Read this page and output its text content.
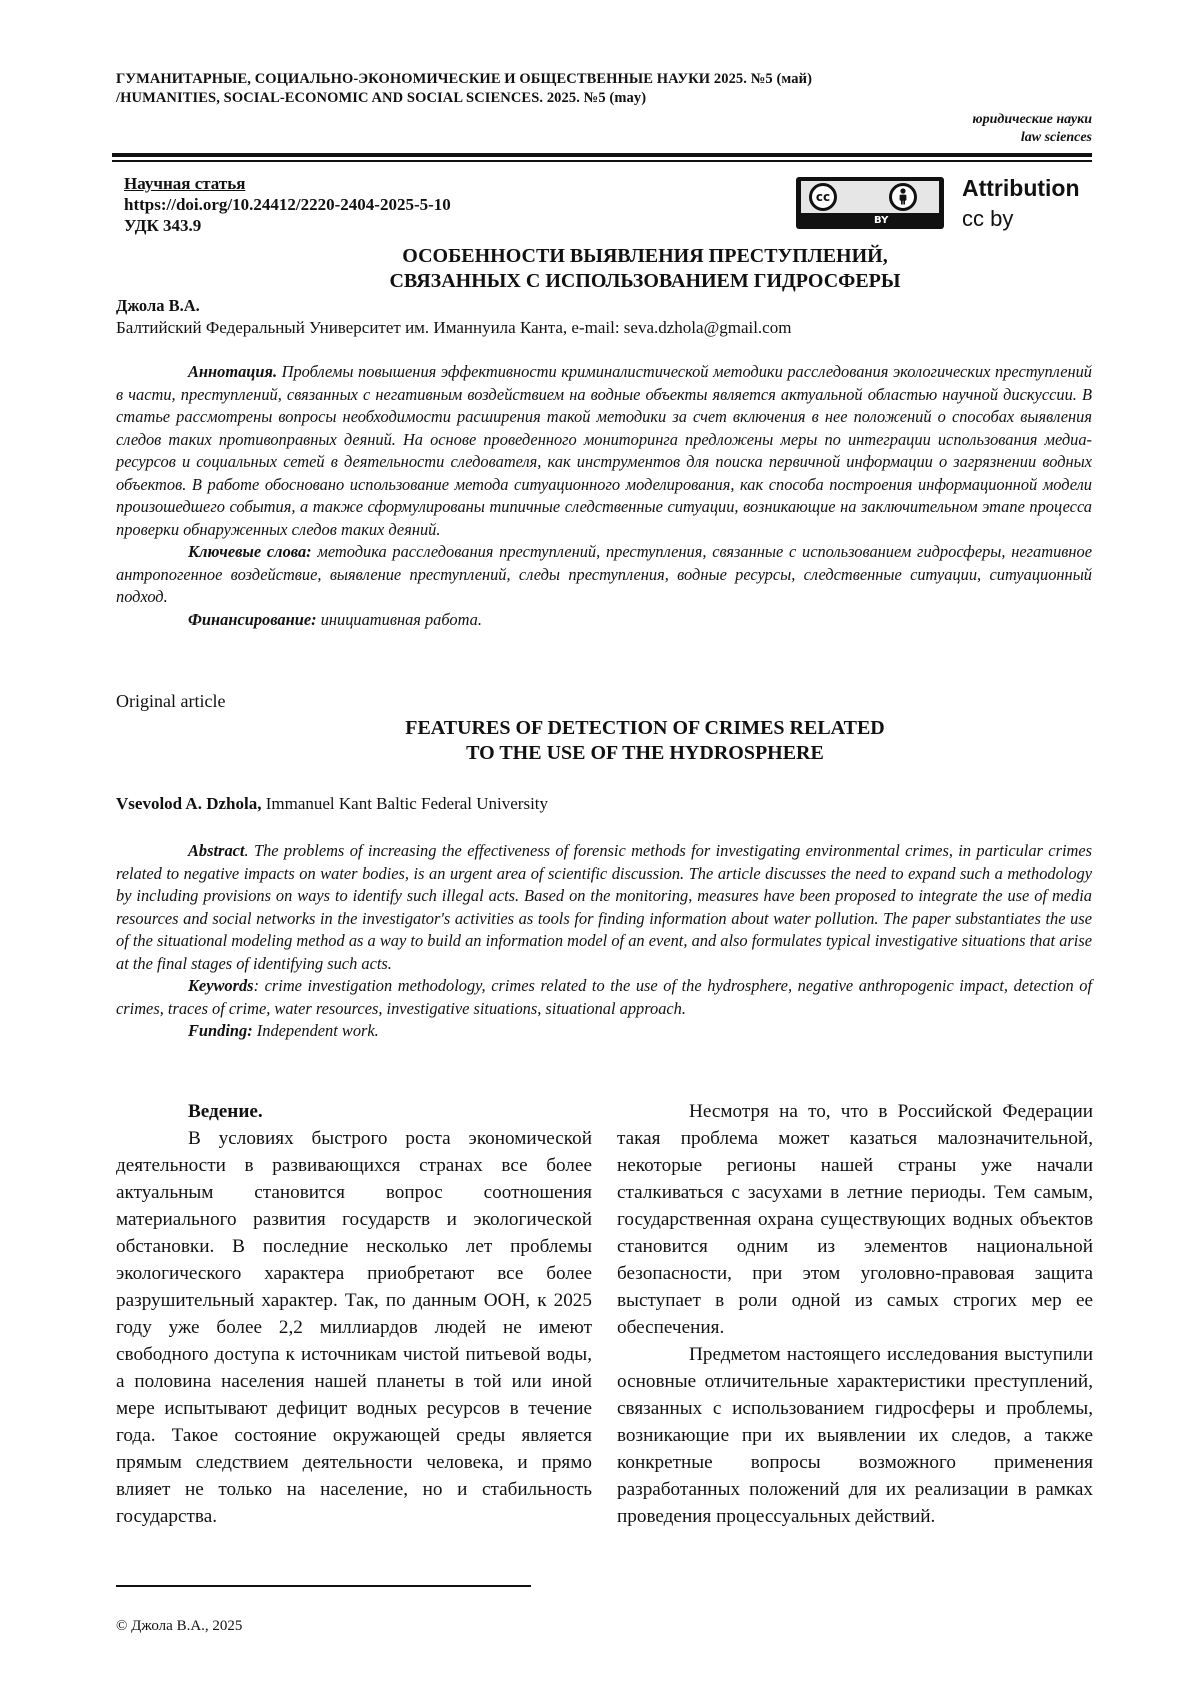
ГУМАНИТАРНЫЕ, СОЦИАЛЬНО-ЭКОНОМИЧЕСКИЕ И ОБЩЕСТВЕННЫЕ НАУКИ 2025. №5 (май)
/HUMANITIES, SOCIAL-ECONOMIC AND SOCIAL SCIENCES. 2025. №5 (may)
юридические науки
law sciences
Научная статья
https://doi.org/10.24412/2220-2404-2025-5-10
УДК 343.9
cc
BY
Attribution
cc by
ОСОБЕННОСТИ ВЫЯВЛЕНИЯ ПРЕСТУПЛЕНИЙ,
СВЯЗАННЫХ С ИСПОЛЬЗОВАНИЕМ ГИДРОСФЕРЫ
Джола В.А.
Балтийский Федеральный Университет им. Иманнуила Канта, e-mail: seva.dzhola@gmail.com

Аннотация. Проблемы повышения эффективности криминалистической методики расследования экологических преступлений в части, преступлений, связанных с негативным воздействием на водные объекты является актуальной областью научной дискуссии. В статье рассмотрены вопросы необходимости расширения такой методики за счет включения в нее положений о способах выявления следов таких противоправных деяний. На основе проведенного мониторинга предложены меры по интеграции использования медиа-ресурсов и социальных сетей в деятельности следователя, как инструментов для поиска первичной информации о загрязнении водных объектов. В работе обосновано использование метода ситуационного моделирования, как способа построения информационной модели произошедшего события, а также сформулированы типичные следственные ситуации, возникающие на заключительном этапе процесса проверки обнаруженных следов таких деяний.

Ключевые слова: методика расследования преступлений, преступления, связанные с использованием гидросферы, негативное антропогенное воздействие, выявление преступлений, следы преступления, водные ресурсы, следственные ситуации, ситуационный подход.

Финансирование: инициативная работа.

Original article
FEATURES OF DETECTION OF CRIMES RELATED
TO THE USE OF THE HYDROSPHERE
Vsevolod A. Dzhola, Immanuel Kant Baltic Federal University

Abstract. The problems of increasing the effectiveness of forensic methods for investigating environmental crimes, in particular crimes related to negative impacts on water bodies, is an urgent area of scientific discussion. The article discusses the need to expand such a methodology by including provisions on ways to identify such illegal acts. Based on the monitoring, measures have been proposed to integrate the use of media resources and social networks in the investigator's activities as tools for finding information about water pollution. The paper substantiates the use of the situational modeling method as a way to build an information model of an event, and also formulates typical investigative situations that arise at the final stages of identifying such acts.

Keywords: crime investigation methodology, crimes related to the use of the hydrosphere, negative anthropogenic impact, detection of crimes, traces of crime, water resources, investigative situations, situational approach.

Funding: Independent work.

Ведение.

В условиях быстрого роста экономической деятельности в развивающихся странах все более актуальным становится вопрос соотношения материального развития государств и экологической обстановки. В последние несколько лет проблемы экологического характера приобретают все более разрушительный характер. Так, по данным ООН, к 2025 году уже более 2,2 миллиардов людей не имеют свободного доступа к источникам чистой питьевой воды, а половина населения нашей планеты в той или иной мере испытывают дефицит водных ресурсов в течение года. Такое состояние окружающей среды является прямым следствием деятельности человека, и прямо влияет не только на население, но и стабильность государства.

Несмотря на то, что в Российской Федерации такая проблема может казаться малозначительной, некоторые регионы нашей страны уже начали сталкиваться с засухами в летние периоды. Тем самым, государственная охрана существующих водных объектов становится одним из элементов национальной безопасности, при этом уголовно-правовая защита выступает в роли одной из самых строгих мер ее обеспечения.

Предметом настоящего исследования выступили основные отличительные характеристики преступлений, связанных с использованием гидросферы и проблемы, возникающие при их выявлении их следов, а также конкретные вопросы возможного применения разработанных положений для их реализации в рамках проведения процессуальных действий.

© Джола В.А., 2025
